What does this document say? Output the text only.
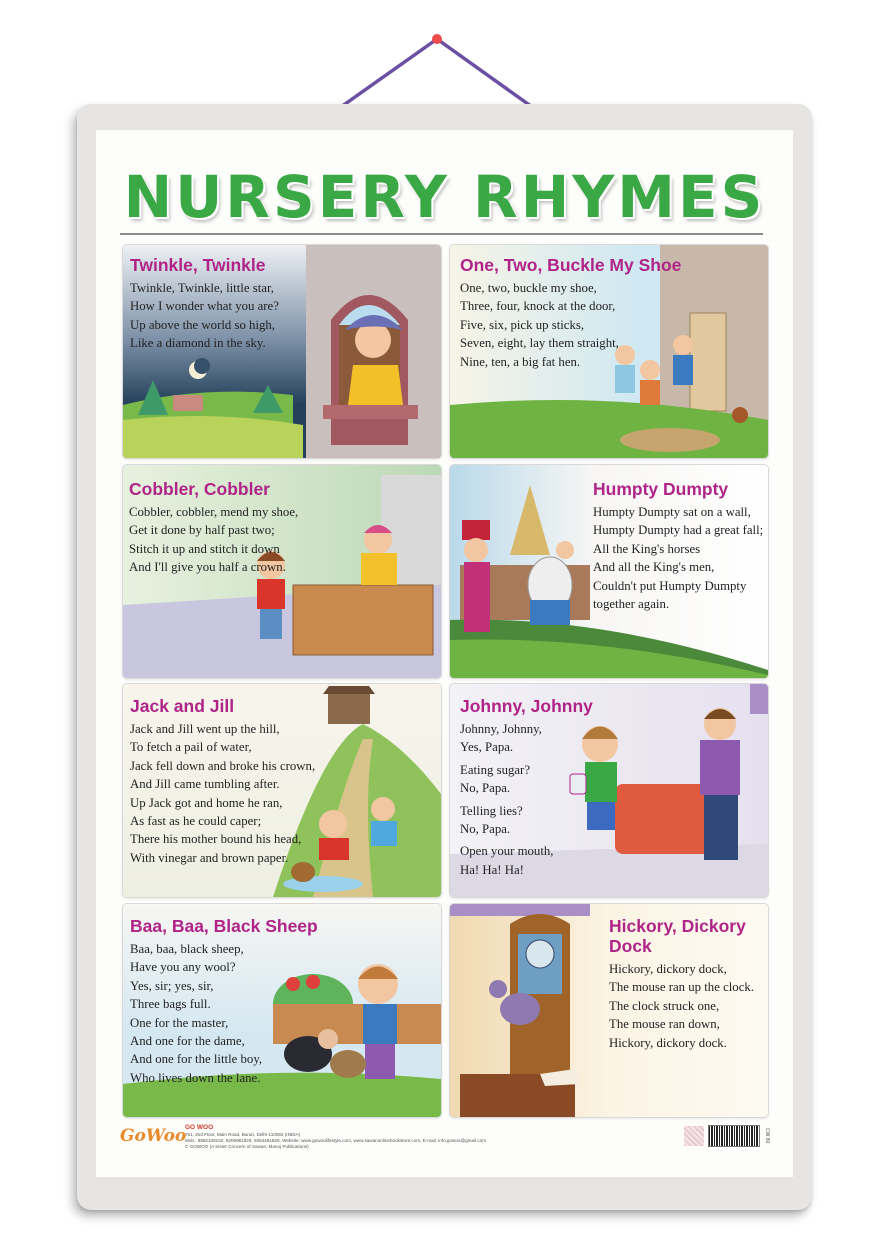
NURSERY RHYMES
Twinkle, Twinkle

Twinkle, Twinkle, little star,

How I wonder what you are?

Up above the world so high,

Like a diamond in the sky.

One, Two, Buckle My Shoe

One, two, buckle my shoe,

Three, four, knock at the door,

Five, six, pick up sticks,

Seven, eight, lay them straight,

Nine, ten, a big fat hen.

Cobbler, Cobbler

Cobbler, cobbler, mend my shoe,

Get it done by half past two;

Stitch it up and stitch it down

And I'll give you half a crown.

Humpty Dumpty

Humpty Dumpty sat on a wall,

Humpty Dumpty had a great fall;

All the King's horses

And all the King's men,

Couldn't put Humpty Dumpty

together again.

Jack and Jill

Jack and Jill went up the hill,

To fetch a pail of water,

Jack fell down and broke his crown,

And Jill came tumbling after.

Up Jack got and home he ran,

As fast as he could caper;

There his mother bound his head,

With vinegar and brown paper.

Johnny, Johnny

Johnny, Johnny,

Yes, Papa.

Eating sugar?

No, Papa.

Telling lies?

No, Papa.

Open your mouth,

Ha! Ha! Ha!

Baa, Baa, Black Sheep

Baa, baa, black sheep,

Have you any wool?

Yes, sir; yes, sir,

Three bags full.

One for the master,

And one for the dame,

And one for the little boy,

Who lives down the lane.

Hickory, Dickory
Dock

Hickory, dickory dock,

The mouse ran up the clock.

The clock struck one,

The mouse ran down,

Hickory, dickory dock.

GoWoo
GO WOO
761, 2nd Floor, Main Road, Burari, Delhi-110084 (INDIA)
Mob.: 8882108152, 9205981829, 9354481829, Website: www.gowoolifestyle.com, www.sawanonlinebookstore.com, E-mail: info.gowoo@gmail.com
© GOWOO (A Sister Concern of Sawan, Manoj Publications)
CW 80
